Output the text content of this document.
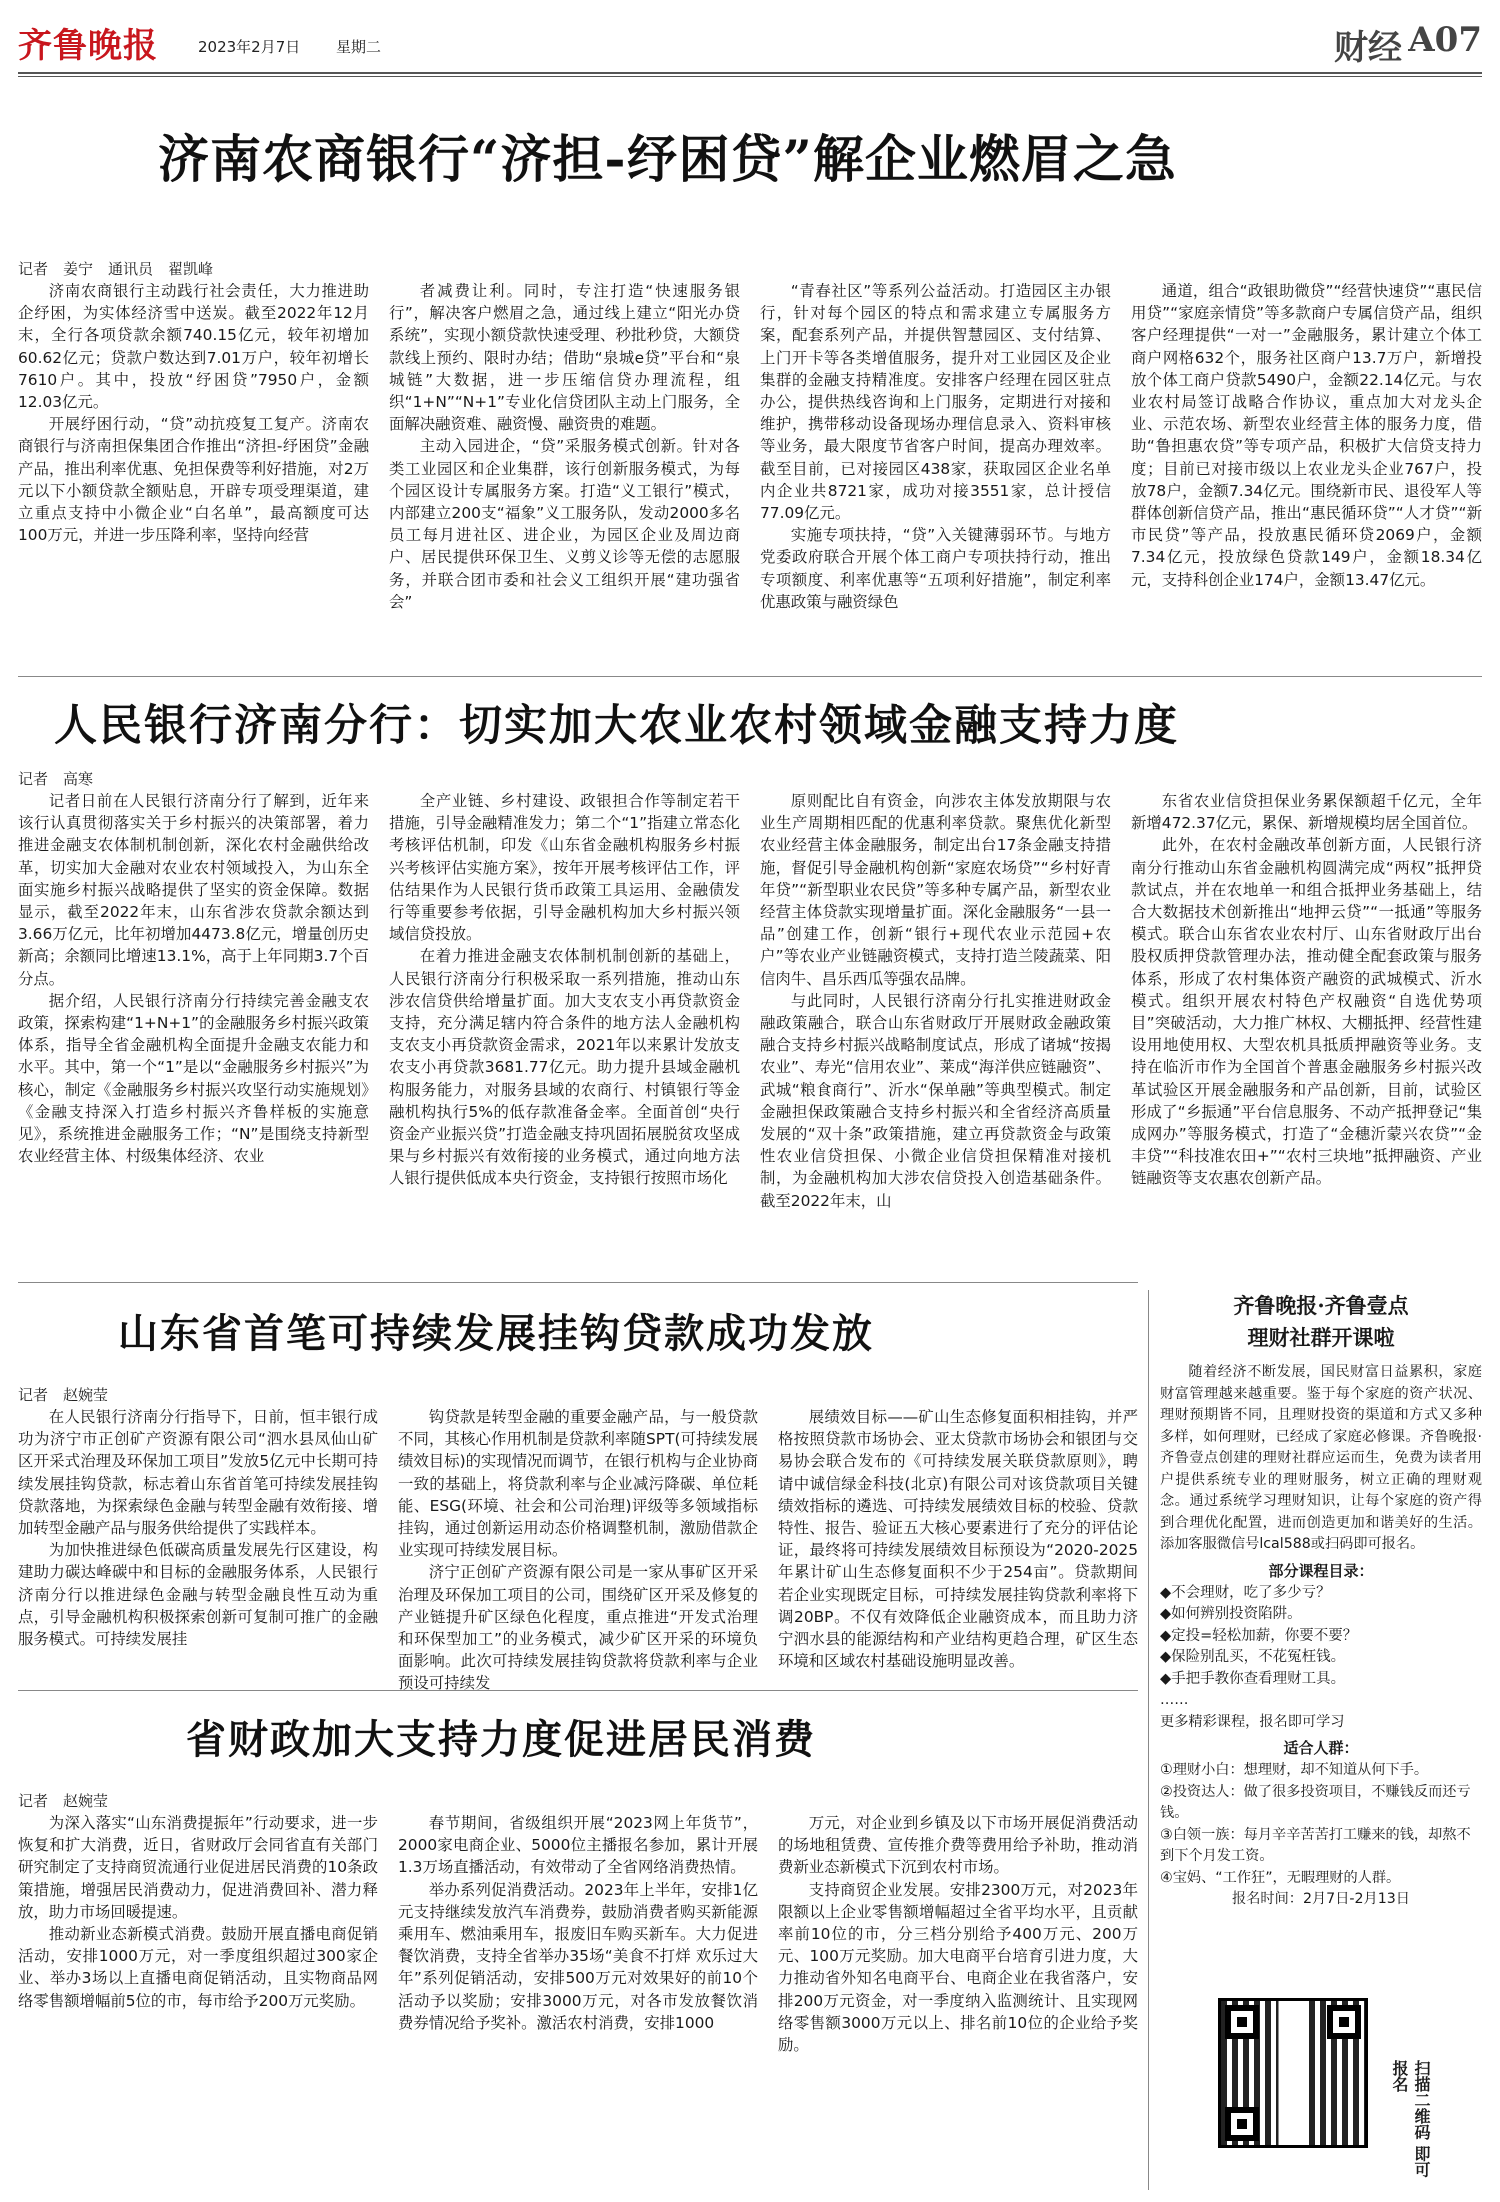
齐鲁晚报	2023年2月7日 星期二	财经 A07
济南农商银行“济担-纾困贷”解企业燃眉之急
记者　姜宁　通讯员　翟凯峰

济南农商银行主动践行社会责任，大力推进助企纾困，为实体经济雪中送炭。截至2022年12月末，全行各项贷款余额740.15亿元，较年初增加60.62亿元；贷款户数达到7.01万户，较年初增长7610户。其中，投放“纾困贷”7950户，金额12.03亿元。

开展纾困行动，“贷”动抗疫复工复产。济南农商银行与济南担保集团合作推出“济担-纾困贷”金融产品，推出利率优惠、免担保费等利好措施，对2万元以下小额贷款全额贴息，开辟专项受理渠道，建立重点支持中小微企业“白名单”，最高额度可达100万元，并进一步压降利率，坚持向经营

者减费让利。同时，专注打造“快速服务银行”，解决客户燃眉之急，通过线上建立“阳光办贷系统”，实现小额贷款快速受理、秒批秒贷，大额贷款线上预约、限时办结；借助“泉城e贷”平台和“泉城链”大数据，进一步压缩信贷办理流程，组织“1+N”“N+1”专业化信贷团队主动上门服务，全面解决融资难、融资慢、融资贵的难题。

主动入园进企，“贷”采服务模式创新。针对各类工业园区和企业集群，该行创新服务模式，为每个园区设计专属服务方案。打造“义工银行”模式，内部建立200支“福象”义工服务队，发动2000多名员工每月进社区、进企业，为园区企业及周边商户、居民提供环保卫生、义剪义诊等无偿的志愿服务，并联合团市委和社会义工组织开展“建功强省会”

“青春社区”等系列公益活动。打造园区主办银行，针对每个园区的特点和需求建立专属服务方案，配套系列产品，并提供智慧园区、支付结算、上门开卡等各类增值服务，提升对工业园区及企业集群的金融支持精准度。安排客户经理在园区驻点办公，提供热线咨询和上门服务，定期进行对接和维护，携带移动设备现场办理信息录入、资料审核等业务，最大限度节省客户时间，提高办理效率。截至目前，已对接园区438家，获取园区企业名单内企业共8721家，成功对接3551家，总计授信77.09亿元。

实施专项扶持，“贷”入关键薄弱环节。与地方党委政府联合开展个体工商户专项扶持行动，推出专项额度、利率优惠等“五项利好措施”，制定利率优惠政策与融资绿色

通道，组合“政银助微贷”“经营快速贷”“惠民信用贷”“家庭亲情贷”等多款商户专属信贷产品，组织客户经理提供“一对一”金融服务，累计建立个体工商户网格632个，服务社区商户13.7万户，新增投放个体工商户贷款5490户，金额22.14亿元。与农业农村局签订战略合作协议，重点加大对龙头企业、示范农场、新型农业经营主体的服务力度，借助“鲁担惠农贷”等专项产品，积极扩大信贷支持力度；目前已对接市级以上农业龙头企业767户，投放78户，金额7.34亿元。围绕新市民、退役军人等群体创新信贷产品，推出“惠民循环贷”“人才贷”“新市民贷”等产品，投放惠民循环贷2069户，金额7.34亿元，投放绿色贷款149户，金额18.34亿元，支持科创企业174户，金额13.47亿元。

人民银行济南分行：切实加大农业农村领域金融支持力度
记者　高寒

记者日前在人民银行济南分行了解到，近年来该行认真贯彻落实关于乡村振兴的决策部署，着力推进金融支农体制机制创新，深化农村金融供给改革，切实加大金融对农业农村领域投入，为山东全面实施乡村振兴战略提供了坚实的资金保障。数据显示，截至2022年末，山东省涉农贷款余额达到3.66万亿元，比年初增加4473.8亿元，增量创历史新高；余额同比增速13.1%，高于上年同期3.7个百分点。

据介绍，人民银行济南分行持续完善金融支农政策，探索构建“1+N+1”的金融服务乡村振兴政策体系，指导全省金融机构全面提升金融支农能力和水平。其中，第一个“1”是以“金融服务乡村振兴”为核心，制定《金融服务乡村振兴攻坚行动实施规划》《金融支持深入打造乡村振兴齐鲁样板的实施意见》，系统推进金融服务工作；“N”是围绕支持新型农业经营主体、村级集体经济、农业

全产业链、乡村建设、政银担合作等制定若干措施，引导金融精准发力；第二个“1”指建立常态化考核评估机制，印发《山东省金融机构服务乡村振兴考核评估实施方案》，按年开展考核评估工作，评估结果作为人民银行货币政策工具运用、金融债发行等重要参考依据，引导金融机构加大乡村振兴领域信贷投放。

在着力推进金融支农体制机制创新的基础上，人民银行济南分行积极采取一系列措施，推动山东涉农信贷供给增量扩面。加大支农支小再贷款资金支持，充分满足辖内符合条件的地方法人金融机构支农支小再贷款资金需求，2021年以来累计发放支农支小再贷款3681.77亿元。助力提升县域金融机构服务能力，对服务县域的农商行、村镇银行等金融机构执行5%的低存款准备金率。全面首创“央行资金产业振兴贷”打造金融支持巩固拓展脱贫攻坚成果与乡村振兴有效衔接的业务模式，通过向地方法人银行提供低成本央行资金，支持银行按照市场化

原则配比自有资金，向涉农主体发放期限与农业生产周期相匹配的优惠利率贷款。聚焦优化新型农业经营主体金融服务，制定出台17条金融支持措施，督促引导金融机构创新“家庭农场贷”“乡村好青年贷”“新型职业农民贷”等多种专属产品，新型农业经营主体贷款实现增量扩面。深化金融服务“一县一品”创建工作，创新“银行+现代农业示范园+农户”等农业产业链融资模式，支持打造兰陵蔬菜、阳信肉牛、昌乐西瓜等强农品牌。

与此同时，人民银行济南分行扎实推进财政金融政策融合，联合山东省财政厅开展财政金融政策融合支持乡村振兴战略制度试点，形成了诸城“按揭农业”、寿光“信用农业”、莱成“海洋供应链融资”、武城“粮食商行”、沂水“保单融”等典型模式。制定金融担保政策融合支持乡村振兴和全省经济高质量发展的“双十条”政策措施，建立再贷款资金与政策性农业信贷担保、小微企业信贷担保精准对接机制，为金融机构加大涉农信贷投入创造基础条件。截至2022年末，山

东省农业信贷担保业务累保额超千亿元，全年新增472.37亿元，累保、新增规模均居全国首位。

此外，在农村金融改革创新方面，人民银行济南分行推动山东省金融机构圆满完成“两权”抵押贷款试点，并在农地单一和组合抵押业务基础上，结合大数据技术创新推出“地押云贷”“一抵通”等服务模式。联合山东省农业农村厅、山东省财政厅出台股权质押贷款管理办法，推动健全配套政策与服务体系，形成了农村集体资产融资的武城模式、沂水模式。组织开展农村特色产权融资“自选优势项目”突破活动，大力推广林权、大棚抵押、经营性建设用地使用权、大型农机具抵质押融资等业务。支持在临沂市作为全国首个普惠金融服务乡村振兴改革试验区开展金融服务和产品创新，目前，试验区形成了“乡振通”平台信息服务、不动产抵押登记“集成网办”等服务模式，打造了“金穗沂蒙兴农贷”“金丰贷”“科技准农田+”“农村三块地”抵押融资、产业链融资等支农惠农创新产品。

山东省首笔可持续发展挂钩贷款成功发放
记者　赵婉莹

在人民银行济南分行指导下，日前，恒丰银行成功为济宁市正创矿产资源有限公司“泗水县凤仙山矿区开采式治理及环保加工项目”发放5亿元中长期可持续发展挂钩贷款，标志着山东省首笔可持续发展挂钩贷款落地，为探索绿色金融与转型金融有效衔接、增加转型金融产品与服务供给提供了实践样本。

为加快推进绿色低碳高质量发展先行区建设，构建助力碳达峰碳中和目标的金融服务体系，人民银行济南分行以推进绿色金融与转型金融良性互动为重点，引导金融机构积极探索创新可复制可推广的金融服务模式。可持续发展挂

钩贷款是转型金融的重要金融产品，与一般贷款不同，其核心作用机制是贷款利率随SPT(可持续发展绩效目标)的实现情况而调节，在银行机构与企业协商一致的基础上，将贷款利率与企业减污降碳、单位耗能、ESG(环境、社会和公司治理)评级等多领域指标挂钩，通过创新运用动态价格调整机制，激励借款企业实现可持续发展目标。

济宁正创矿产资源有限公司是一家从事矿区开采治理及环保加工项目的公司，围绕矿区开采及修复的产业链提升矿区绿色化程度，重点推进“开发式治理和环保型加工”的业务模式，减少矿区开采的环境负面影响。此次可持续发展挂钩贷款将贷款利率与企业预设可持续发

展绩效目标——矿山生态修复面积相挂钩，并严格按照贷款市场协会、亚太贷款市场协会和银团与交易协会联合发布的《可持续发展关联贷款原则》，聘请中诚信绿金科技(北京)有限公司对该贷款项目关键绩效指标的遴选、可持续发展绩效目标的校验、贷款特性、报告、验证五大核心要素进行了充分的评估论证，最终将可持续发展绩效目标预设为“2020-2025年累计矿山生态修复面积不少于254亩”。贷款期间若企业实现既定目标，可持续发展挂钩贷款利率将下调20BP。不仅有效降低企业融资成本，而且助力济宁泗水县的能源结构和产业结构更趋合理，矿区生态环境和区域农村基础设施明显改善。

省财政加大支持力度促进居民消费
记者　赵婉莹

为深入落实“山东消费提振年”行动要求，进一步恢复和扩大消费，近日，省财政厅会同省直有关部门研究制定了支持商贸流通行业促进居民消费的10条政策措施，增强居民消费动力，促进消费回补、潜力释放，助力市场回暖提速。

推动新业态新模式消费。鼓励开展直播电商促销活动，安排1000万元，对一季度组织超过300家企业、举办3场以上直播电商促销活动，且实物商品网络零售额增幅前5位的市，每市给予200万元奖励。

春节期间，省级组织开展“2023网上年货节”，2000家电商企业、5000位主播报名参加，累计开展1.3万场直播活动，有效带动了全省网络消费热情。

举办系列促消费活动。2023年上半年，安排1亿元支持继续发放汽车消费券，鼓励消费者购买新能源乘用车、燃油乘用车，报废旧车购买新车。大力促进餐饮消费，支持全省举办35场“美食不打烊 欢乐过大年”系列促销活动，安排500万元对效果好的前10个活动予以奖励；安排3000万元，对各市发放餐饮消费券情况给予奖补。激活农村消费，安排1000

万元，对企业到乡镇及以下市场开展促消费活动的场地租赁费、宣传推介费等费用给予补助，推动消费新业态新模式下沉到农村市场。

支持商贸企业发展。安排2300万元，对2023年限额以上企业零售额增幅超过全省平均水平，且贡献率前10位的市，分三档分别给予400万元、200万元、100万元奖励。加大电商平台培育引进力度，大力推动省外知名电商平台、电商企业在我省落户，安排200万元资金，对一季度纳入监测统计、且实现网络零售额3000万元以上、排名前10位的企业给予奖励。

齐鲁晚报·齐鲁壹点
理财社群开课啦

随着经济不断发展，国民财富日益累积，家庭财富管理越来越重要。鉴于每个家庭的资产状况、理财预期皆不同，且理财投资的渠道和方式又多种多样，如何理财，已经成了家庭必修课。齐鲁晚报·齐鲁壹点创建的理财社群应运而生，免费为读者用户提供系统专业的理财服务，树立正确的理财观念。通过系统学习理财知识，让每个家庭的资产得到合理优化配置，进而创造更加和谐美好的生活。添加客服微信号lcal588或扫码即可报名。

部分课程目录：
◆不会理财，吃了多少亏？
◆如何辨别投资陷阱。
◆定投=轻松加薪，你要不要？
◆保险别乱买，不花冤枉钱。
◆手把手教你查看理财工具。
……
更多精彩课程，报名即可学习
适合人群：
①理财小白：想理财，却不知道从何下手。
②投资达人：做了很多投资项目，不赚钱反而还亏钱。
③白领一族：每月辛辛苦苦打工赚来的钱，却熬不到下个月发工资。
④宝妈、“工作狂”，无暇理财的人群。
报名时间：2月7日-2月13日
扫描二维码 即可报名
